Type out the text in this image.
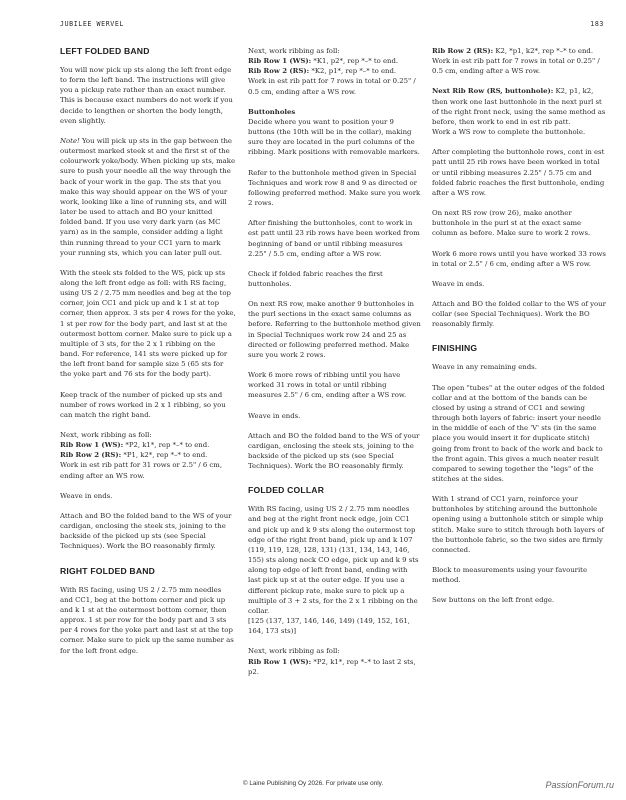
JUBILEE WERVEL	183
LEFT FOLDED BAND

You will now pick up sts along the left front edge to form the left band. The instructions will give you a pickup rate rather than an exact number. This is because exact numbers do not work if you decide to lengthen or shorten the body length, even slightly.

Note! You will pick up sts in the gap between the outermost marked steek st and the first st of the colourwork yoke/body. When picking up sts, make sure to push your needle all the way through the back of your work in the gap. The sts that you make this way should appear on the WS of your work, looking like a line of running sts, and will later be used to attach and BO your knitted folded band. If you use very dark yarn (as MC yarn) as in the sample, consider adding a light thin running thread to your CC1 yarn to mark your running sts, which you can later pull out.

With the steek sts folded to the WS, pick up sts along the left front edge as foll: with RS facing, using US 2 / 2.75 mm needles and beg at the top corner, join CC1 and pick up and k 1 st at top corner, then approx. 3 sts per 4 rows for the yoke, 1 st per row for the body part, and last st at the outermost bottom corner. Make sure to pick up a multiple of 3 sts, for the 2 x 1 ribbing on the band. For reference, 141 sts were picked up for the left front band for sample size 5 (65 sts for the yoke part and 76 sts for the body part).

Keep track of the number of picked up sts and number of rows worked in 2 x 1 ribbing, so you can match the right band.

Next, work ribbing as foll:

Rib Row 1 (WS): *P2, k1*, rep *–* to end.
Rib Row 2 (RS): *P1, k2*, rep *–* to end.

Work in est rib patt for 31 rows or 2.5" / 6 cm, ending after an WS row.

Weave in ends.

Attach and BO the folded band to the WS of your cardigan, enclosing the steek sts, joining to the backside of the picked up sts (see Special Techniques). Work the BO reasonably firmly.

RIGHT FOLDED BAND

With RS facing, using US 2 / 2.75 mm needles and CC1, beg at the bottom corner and pick up and k 1 st at the outermost bottom corner, then approx. 1 st per row for the body part and 3 sts per 4 rows for the yoke part and last st at the top corner. Make sure to pick up the same number as for the left front edge.

Next, work ribbing as foll:

Rib Row 1 (WS): *K1, p2*, rep *–* to end.
Rib Row 2 (RS): *K2, p1*, rep *–* to end.

Work in est rib patt for 7 rows in total or 0.25" / 0.5 cm, ending after a WS row.

Buttonholes

Decide where you want to position your 9 buttons (the 10th will be in the collar), making sure they are located in the purl columns of the ribbing. Mark positions with removable markers.

Refer to the buttonhole method given in Special Techniques and work row 8 and 9 as directed or following preferred method. Make sure you work 2 rows.

After finishing the buttonholes, cont to work in est patt until 23 rib rows have been worked from beginning of band or until ribbing measures 2.25" / 5.5 cm, ending after a WS row.

Check if folded fabric reaches the first buttonholes.

On next RS row, make another 9 buttonholes in the purl sections in the exact same columns as before. Referring to the buttonhole method given in Special Techniques work row 24 and 25 as directed or following preferred method. Make sure you work 2 rows.

Work 6 more rows of ribbing until you have worked 31 rows in total or until ribbing measures 2.5" / 6 cm, ending after a WS row.

Weave in ends.

Attach and BO the folded band to the WS of your cardigan, enclosing the steek sts, joining to the backside of the picked up sts (see Special Techniques). Work the BO reasonably firmly.

FOLDED COLLAR

With RS facing, using US 2 / 2.75 mm needles and beg at the right front neck edge, join CC1 and pick up and k 9 sts along the outermost top edge of the right front band, pick up and k 107 (119, 119, 128, 128, 131) (131, 134, 143, 146, 155) sts along neck CO edge, pick up and k 9 sts along top edge of left front band, ending with last pick up st at the outer edge. If you use a different pickup rate, make sure to pick up a multiple of 3 + 2 sts, for the 2 x 1 ribbing on the collar.

[125 (137, 137, 146, 146, 149) (149, 152, 161, 164, 173 sts)]

Next, work ribbing as foll:

Rib Row 1 (WS): *P2, k1*, rep *–* to last 2 sts, p2.
Rib Row 2 (RS): K2, *p1, k2*, rep *–* to end.

Work in est rib patt for 7 rows in total or 0.25" / 0.5 cm, ending after a WS row.

Next Rib Row (RS, buttonhole): K2, p1, k2, then work one last buttonhole in the next purl st of the right front neck, using the same method as before, then work to end in est rib patt.

Work a WS row to complete the buttonhole.

After completing the buttonhole rows, cont in est patt until 25 rib rows have been worked in total or until ribbing measures 2.25" / 5.75 cm and folded fabric reaches the first buttonhole, ending after a WS row.

On next RS row (row 26), make another buttonhole in the purl st at the exact same column as before. Make sure to work 2 rows.

Work 6 more rows until you have worked 33 rows in total or 2.5" / 6 cm, ending after a WS row.

Weave in ends.

Attach and BO the folded collar to the WS of your collar (see Special Techniques). Work the BO reasonably firmly.

FINISHING

Weave in any remaining ends.

The open "tubes" at the outer edges of the folded collar and at the bottom of the bands can be closed by using a strand of CC1 and sewing through both layers of fabric: insert your needle in the middle of each of the 'V' sts (in the same place you would insert it for duplicate stitch) going from front to back of the work and back to the front again. This gives a much neater result compared to sewing together the "legs" of the stitches at the sides.

With 1 strand of CC1 yarn, reinforce your buttonholes by stitching around the buttonhole opening using a buttonhole stitch or simple whip stitch. Make sure to stitch through both layers of the buttonhole fabric, so the two sides are firmly connected.

Block to measurements using your favourite method.

Sew buttons on the left front edge.

© Laine Publishing Oy 2026. For private use only.	PassionForum.ru
